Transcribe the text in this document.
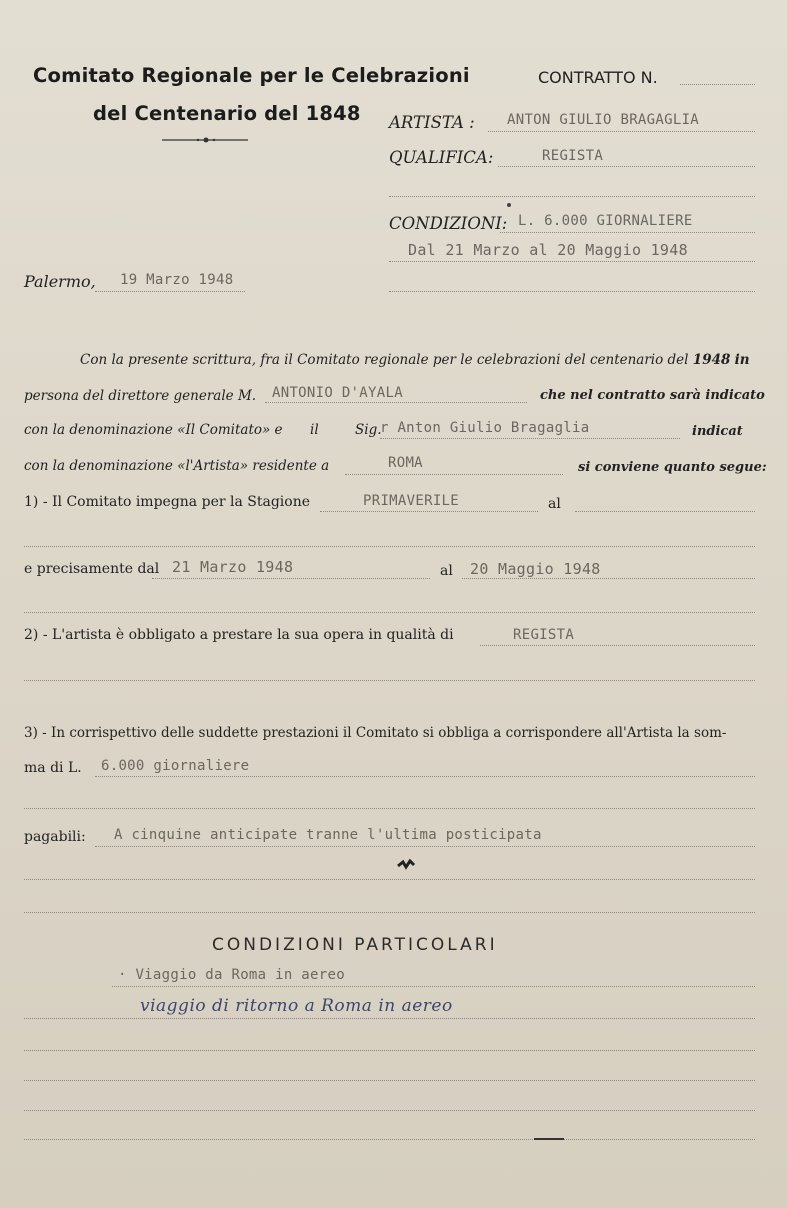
Comitato Regionale per le Celebrazioni
del Centenario del 1848
CONTRATTO N.
ARTISTA : ANTON GIULIO BRAGAGLIA
QUALIFICA:	REGISTA
CONDIZIONI: L. 6.000 GIORNALIERE
Dal 21 Marzo al 20 Maggio 1948
Palermo, 19 Marzo 1948
Con la presente scrittura, fra il Comitato regionale per le celebrazioni del centenario del 1948 in
persona del direttore generale M. ANTONIO D'AYALA	che nel contratto sarà indicato
con la denominazione «Il Comitato» e il	Sig.
r Anton Giulio Bragaglia	indicat
con la denominazione «l'Artista» residente a	ROMA	si conviene quanto segue:
1) - Il Comitato impegna per la Stagione	PRIMAVERILE	al
e precisamente dal 21 Marzo 1948	al 20 Maggio 1948
2) - L'artista è obbligato a prestare la sua opera in qualità di	REGISTA
3) - In corrispettivo delle suddette prestazioni il Comitato si obbliga a corrispondere all'Artista la som-
ma di L. 6.000 giornaliere
pagabili: A cinquine anticipate tranne l'ultima posticipata
CONDIZIONI PARTICOLARI
· Viaggio da Roma in aereo
viaggio di ritorno a Roma in aereo
